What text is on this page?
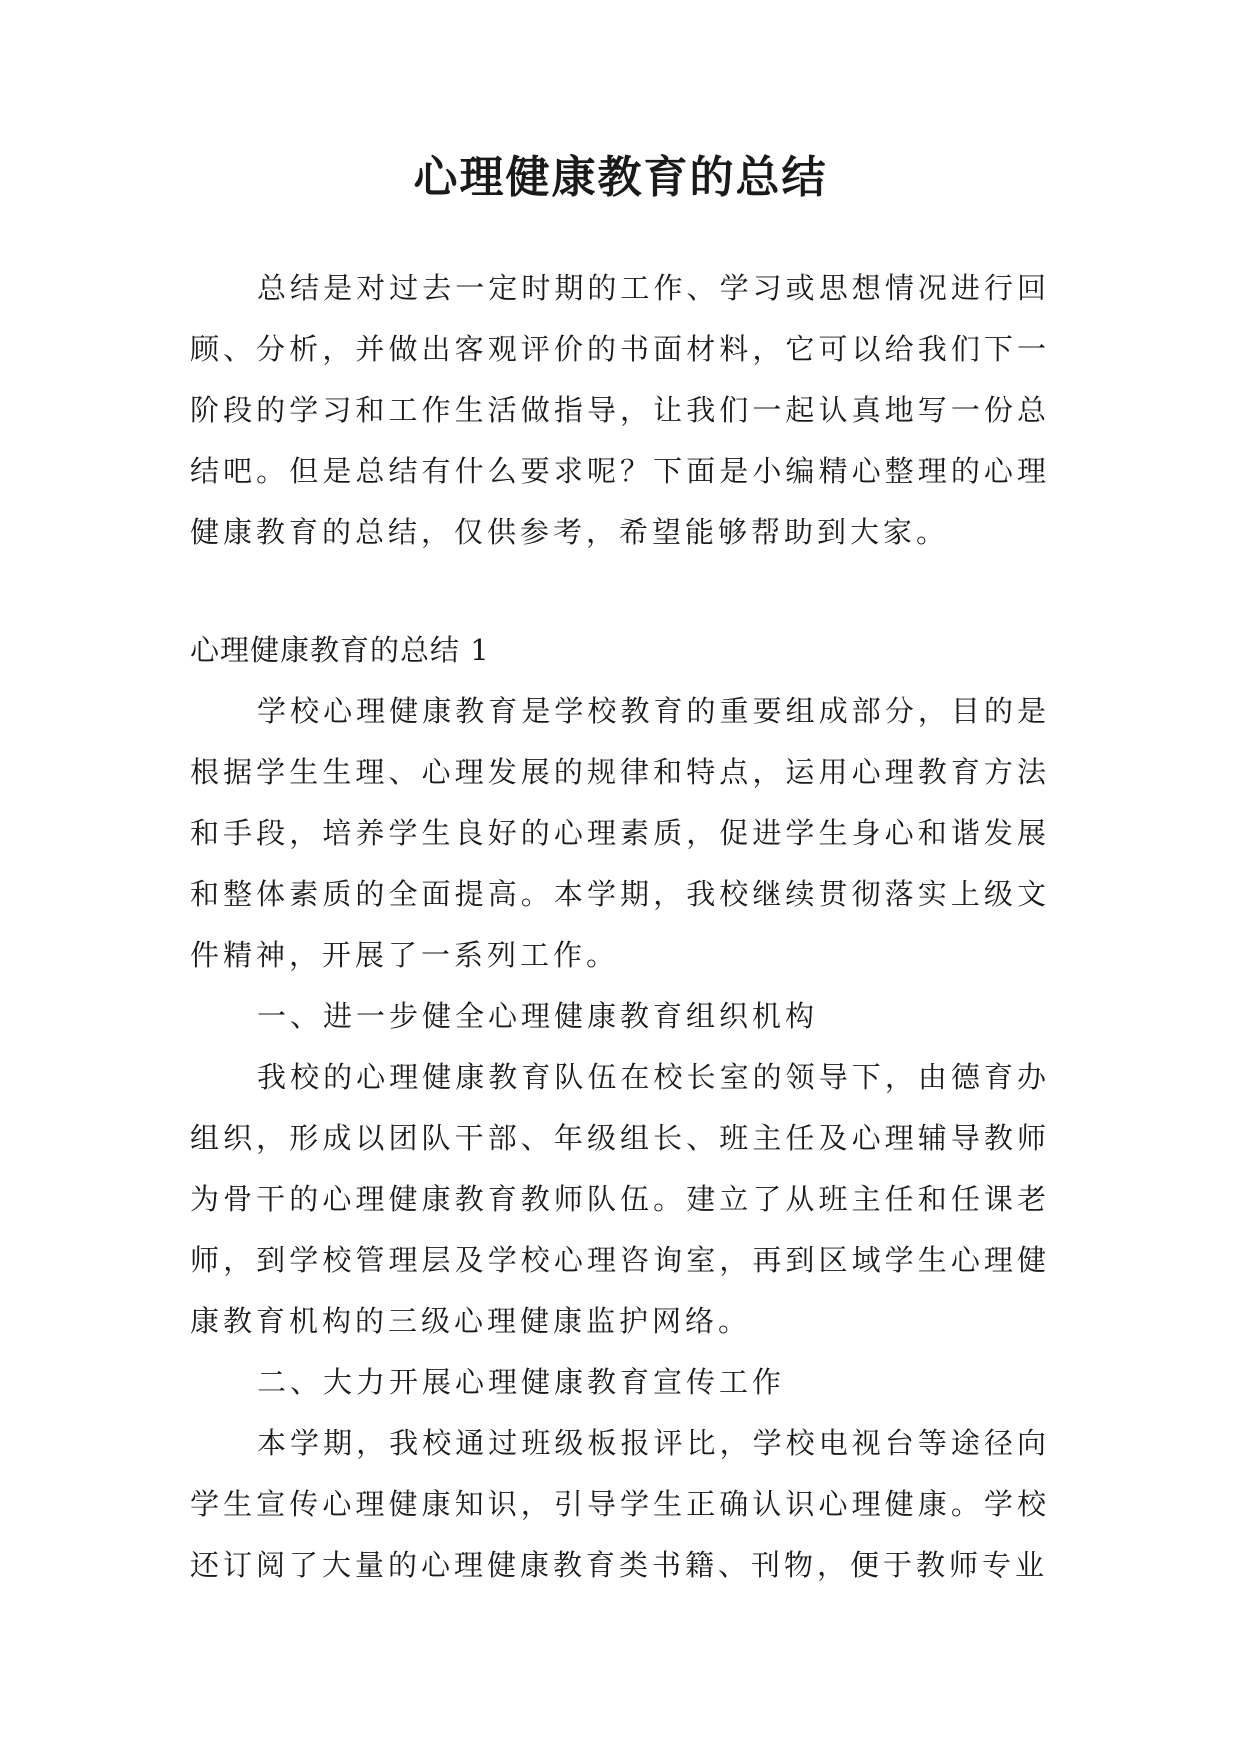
心理健康教育的总结

总结是对过去一定时期的工作、学习或思想情况进行回顾、分析，并做出客观评价的书面材料，它可以给我们下一阶段的学习和工作生活做指导，让我们一起认真地写一份总结吧。但是总结有什么要求呢？下面是小编精心整理的心理健康教育的总结，仅供参考，希望能够帮助到大家。

心理健康教育的总结 1

学校心理健康教育是学校教育的重要组成部分，目的是根据学生生理、心理发展的规律和特点，运用心理教育方法和手段，培养学生良好的心理素质，促进学生身心和谐发展和整体素质的全面提高。本学期，我校继续贯彻落实上级文件精神，开展了一系列工作。

一、进一步健全心理健康教育组织机构

我校的心理健康教育队伍在校长室的领导下，由德育办组织，形成以团队干部、年级组长、班主任及心理辅导教师为骨干的心理健康教育教师队伍。建立了从班主任和任课老师，到学校管理层及学校心理咨询室，再到区域学生心理健康教育机构的三级心理健康监护网络。

二、大力开展心理健康教育宣传工作

本学期，我校通过班级板报评比，学校电视台等途径向学生宣传心理健康知识，引导学生正确认识心理健康。学校还订阅了大量的心理健康教育类书籍、刊物，便于教师专业
